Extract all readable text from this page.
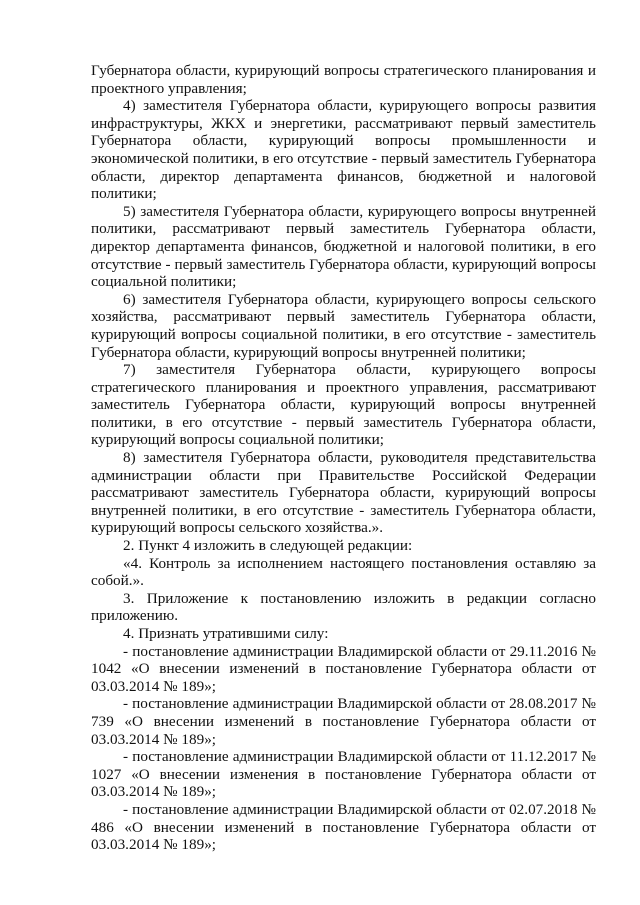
Губернатора области, курирующий вопросы стратегического планирования и проектного управления;

4) заместителя Губернатора области, курирующего вопросы развития инфраструктуры, ЖКХ и энергетики, рассматривают первый заместитель Губернатора области, курирующий вопросы промышленности и экономической политики, в его отсутствие - первый заместитель Губернатора области, директор департамента финансов, бюджетной и налоговой политики;

5) заместителя Губернатора области, курирующего вопросы внутренней политики, рассматривают первый заместитель Губернатора области, директор департамента финансов, бюджетной и налоговой политики, в его отсутствие - первый заместитель Губернатора области, курирующий вопросы социальной политики;

6) заместителя Губернатора области, курирующего вопросы сельского хозяйства, рассматривают первый заместитель Губернатора области, курирующий вопросы социальной политики, в его отсутствие - заместитель Губернатора области, курирующий вопросы внутренней политики;

7) заместителя Губернатора области, курирующего вопросы стратегического планирования и проектного управления, рассматривают заместитель Губернатора области, курирующий вопросы внутренней политики, в его отсутствие - первый заместитель Губернатора области, курирующий вопросы социальной политики;

8) заместителя Губернатора области, руководителя представительства администрации области при Правительстве Российской Федерации рассматривают заместитель Губернатора области, курирующий вопросы внутренней политики, в его отсутствие - заместитель Губернатора области, курирующий вопросы сельского хозяйства.».

2. Пункт 4 изложить в следующей редакции:

«4. Контроль за исполнением настоящего постановления оставляю за собой.».

3. Приложение к постановлению изложить в редакции согласно приложению.

4. Признать утратившими силу:

- постановление администрации Владимирской области от 29.11.2016 № 1042 «О внесении изменений в постановление Губернатора области от 03.03.2014 № 189»;

- постановление администрации Владимирской области от 28.08.2017 № 739 «О внесении изменений в постановление Губернатора области от 03.03.2014 № 189»;

- постановление администрации Владимирской области от 11.12.2017 № 1027 «О внесении изменения в постановление Губернатора области от 03.03.2014 № 189»;

- постановление администрации Владимирской области от 02.07.2018 № 486 «О внесении изменений в постановление Губернатора области от 03.03.2014 № 189»;
